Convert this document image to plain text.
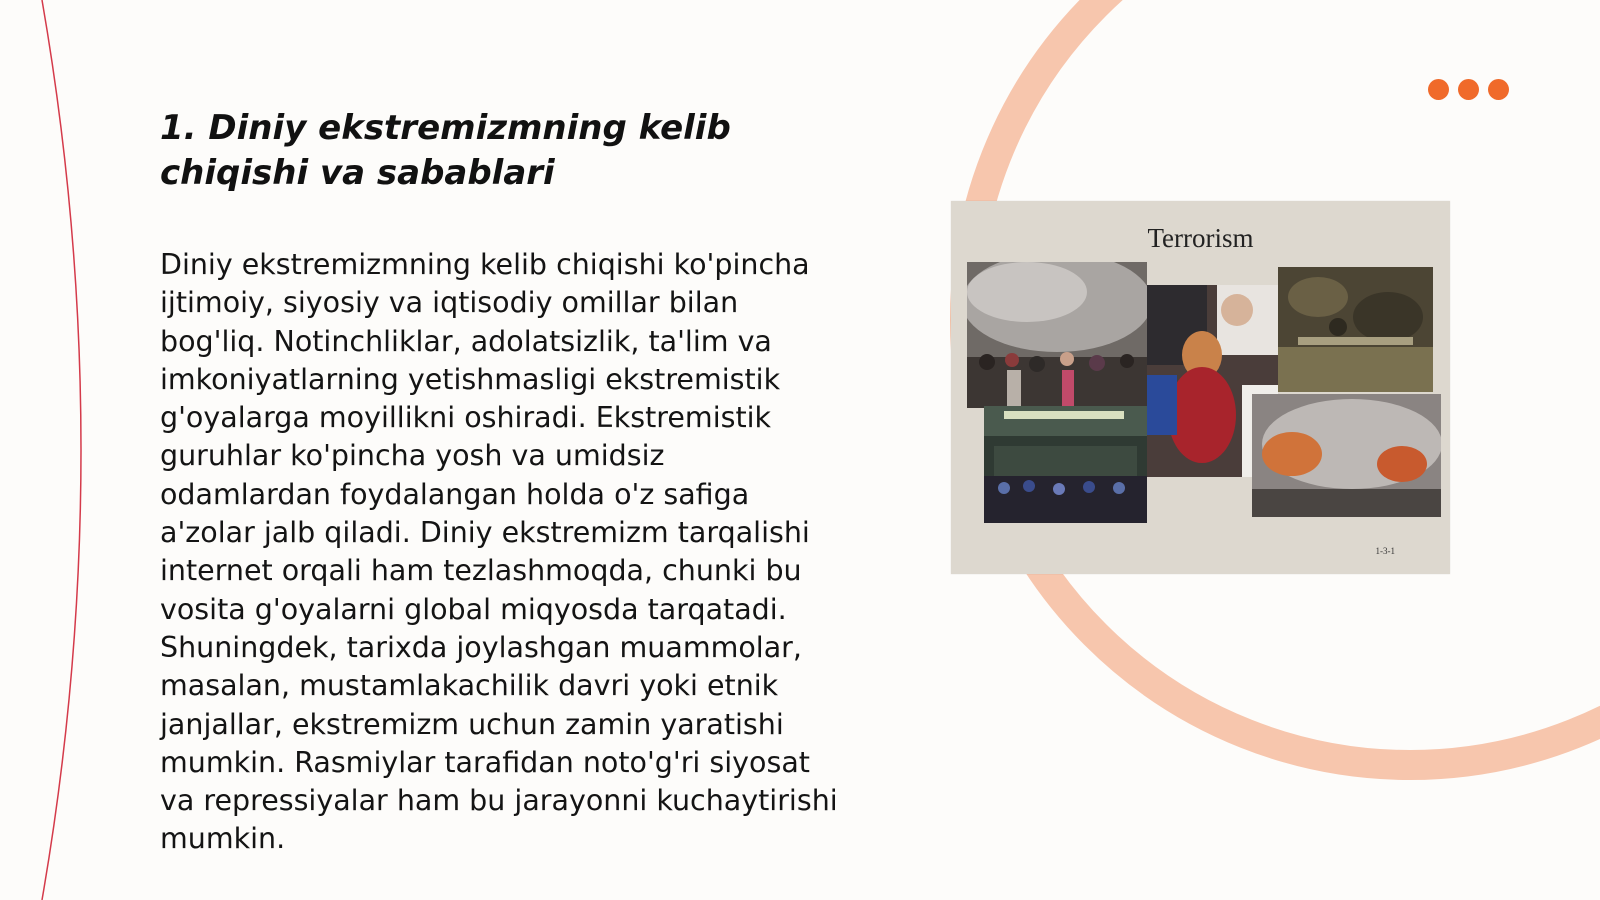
1. Diniy ekstremizmning kelib chiqishi va sabablari

Diniy ekstremizmning kelib chiqishi ko'pincha ijtimoiy, siyosiy va iqtisodiy omillar bilan bog'liq. Notinchliklar, adolatsizlik, ta'lim va imkoniyatlarning yetishmasligi ekstremistik g'oyalarga moyillikni oshiradi. Ekstremistik guruhlar ko'pincha yosh va umidsiz odamlardan foydalangan holda o'z safiga a'zolar jalb qiladi. Diniy ekstremizm tarqalishi internet orqali ham tezlashmoqda, chunki bu vosita g'oyalarni global miqyosda tarqatadi. Shuningdek, tarixda joylashgan muammolar, masalan, mustamlakachilik davri yoki etnik janjallar, ekstremizm uchun zamin yaratishi mumkin. Rasmiylar tarafidan noto'g'ri siyosat va repressiyalar ham bu jarayonni kuchaytirishi mumkin.

Terrorism
1-3-1
